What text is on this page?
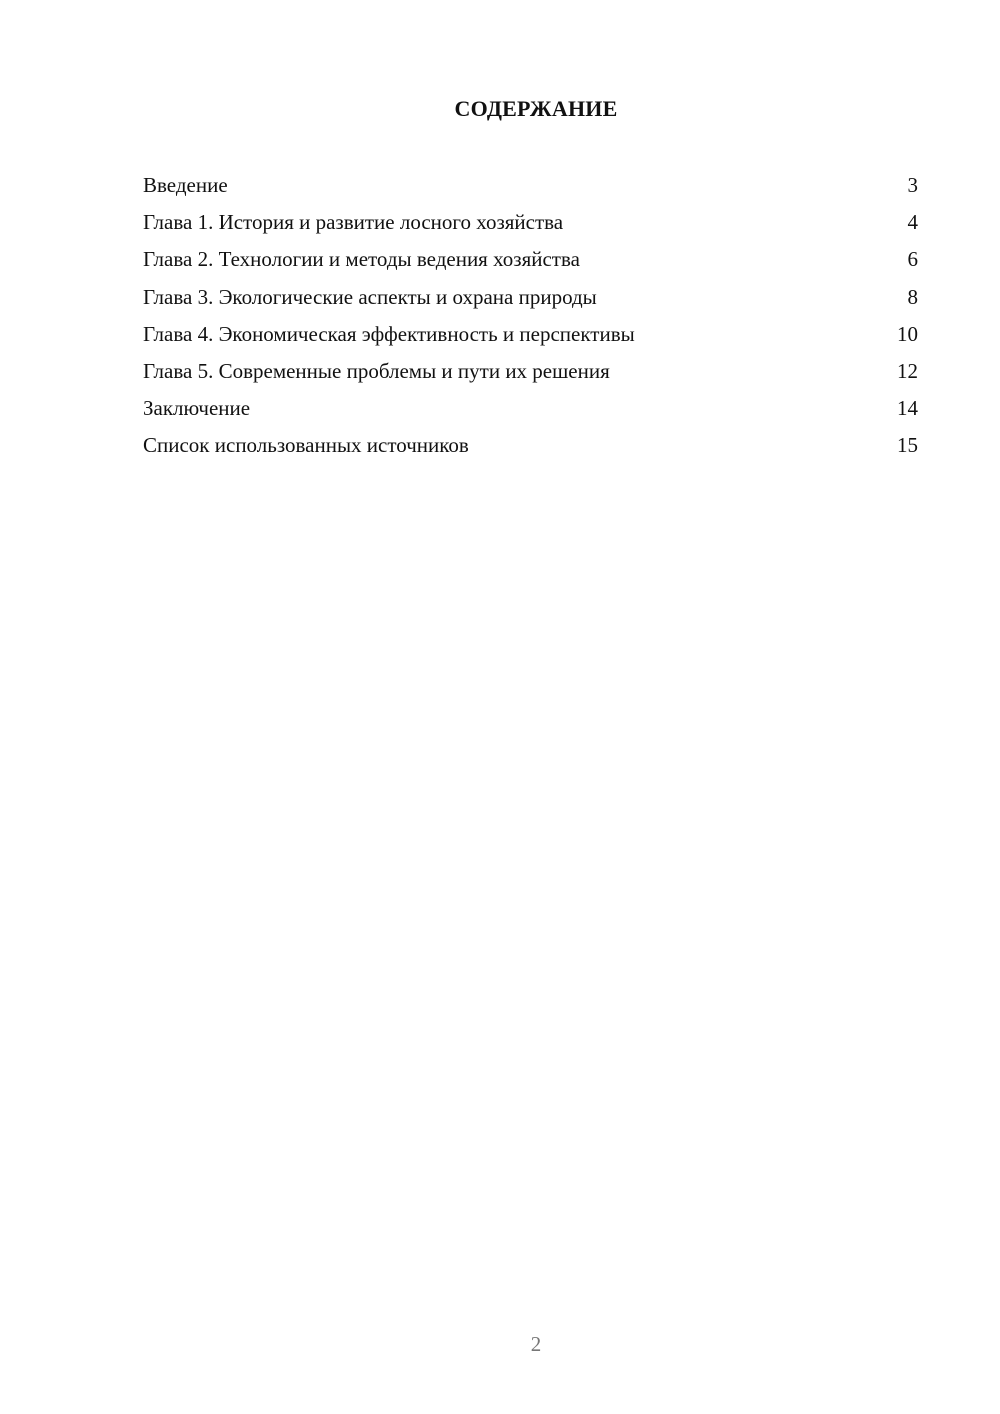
СОДЕРЖАНИЕ
Введение	3
Глава 1. История и развитие лосного хозяйства	4
Глава 2. Технологии и методы ведения хозяйства	6
Глава 3. Экологические аспекты и охрана природы	8
Глава 4. Экономическая эффективность и перспективы	10
Глава 5. Современные проблемы и пути их решения	12
Заключение	14
Список использованных источников	15
2
